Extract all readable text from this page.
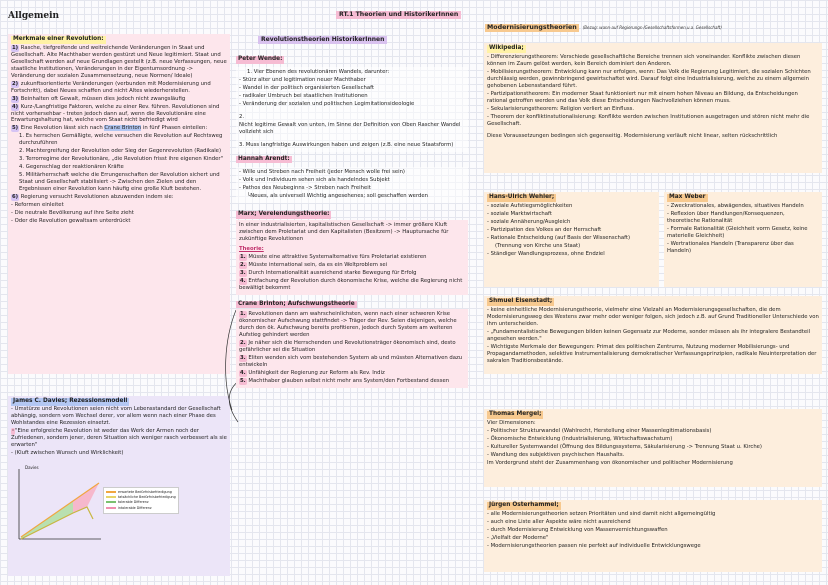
Allgemein	RT.1 Theorien und HistorikerInnen
Revolutionstheorien HistorikerInnen
Modernisierungstheorien	(Bezug: wann-auf Regierungs-/Gesellschaftsformen,u.a. Gesellschaft)
Merkmale einer Revolution:

1) Rasche, tiefgreifende und weitreichende Veränderungen in Staat und Gesellschaft. Alte Machthaber werden gestürzt und Neue legitimiert. Staat und Gesellschaft werden auf neue Grundlagen gestellt (z.B. neue Verfassungen, neue staatliche Institutionen, Veränderungen in der Eigentumsordnung -> Veränderung der sozialen Zusammensetzung, neue Normen/ Ideale)

2) zukunftsorientierte Veränderungen (verbunden mit Modernisierung und Fortschritt), dabei Neues schaffen und nicht Altes wiederherstellen.

3) Beinhalten oft Gewalt, müssen dies jedoch nicht zwangsläufig

4) Kurz-/Langfristige Faktoren, welche zu einer Rev. führen. Revolutionen sind nicht vorhersehbar - treten jedoch dann auf, wenn die Revolutionäre eine Erwartungshaltung hat, welche vom Staat nicht befriedigt wird

5) Eine Revolution lässt sich nach Crane Brinton in fünf Phasen einteilen:

1. Es herrschen Gemäßigte, welche versuchen die Revolution auf Rechtsweg durchzuführen

2. Machtergreifung der Revolution oder Sieg der Gegenrevolution (Radikale)

3. Terrorregime der Revolutionäre, „die Revolution frisst ihre eigenen Kinder"

4. Gegenschlag der reaktionären Kräfte

5. Militärherrschaft welche die Errungenschaften der Revolution sichert und Staat und Gesellschaft stabilisiert -> Zwischen den Zielen und den Ergebnissen einer Revolution kann häufig eine große Kluft bestehen.

6) Regierung versucht Revolutionen abzuwenden indem sie:

- Reformen einleitet

- Die neutrale Bevölkerung auf ihre Seite zieht

- Oder die Revolution gewaltsam unterdrückt

James C. Davies; Rezessionsmodell

- Umstürze und Revolutionen seien nicht vom Lebensstandard der Gesellschaft abhängig, sondern vom Wechsel derer, vor allem wenn nach einer Phase des Wohlstandes eine Rezession einsetzt.

·"Eine erfolgreiche Revolution ist weder das Werk der Armen noch der Zufriedenen, sondern jener, deren Situation sich weniger rasch verbessert als sie erwarten"

- (Kluft zwischen Wunsch und Wirklichkeit)

Davies
erwartete Bedürfnisbefriedigung
tatsächliche Bedürfnisbefriedigung
tolerable Differenz
intolerable Differenz
Peter Wende:

1. Vier Ebenen des revolutionären Wandels, darunter:

- Stürz alter und legitimation neuer Machthaber

- Wandel in der politisch organisierten Gesellschaft

- radikaler Umbruch bei staatlichen Institutionen

- Veränderung der sozialen und politischen Legimitationsideologie

2.

Nicht legitime Gewalt von unten, im Sinne der Definition von Oben Rascher Wandel vollzieht sich

3. Muss langfristige Auswirkungen haben und zeigen (z.B. eine neue Staatsform)

Hannah Arendt:

- Wille und Streben nach Freiheit (jeder Mensch wolle frei sein)

- Volk und Individuum sehen sich als handelndes Subjekt

- Pathos des Neubeginns -> Streben nach Freiheit

└Neues, als universell Wichtig angesehenes; soll geschaffen werden

Marx; Verelendungstheorie:

In einer industrialisierten, kapitalistischen Gesellschaft -> immer größere Kluft zwischen dem Proletariat und den Kapitalisten (Besitzern) -> Hauptursache für zukünftige Revolutionen

Theorie:

1. Müsste eine attraktive Systemalternative fürs Proletariat existieren

2. Müsste international sein, da es ein Weltproblem sei

3. Durch Internationalität ausreichend starke Bewegung für Erfolg

4. Entfachung der Revolution durch ökonomische Krise, welche die Regierung nicht bewältigt bekommt

Crane Brinton; Aufschwungstheorie

1. Revolutionen dann am wahrscheinlichsten, wenn nach einer schweren Krise ökonomischer Aufschwung stattfindet -> Träger der Rev. Seien diejenigen, welche durch den ök. Aufschwung bereits profitieren, jedoch durch System am weiteren Aufstieg gehindert werden

2. Je näher sich die Herrschenden und Revolutionsträger ökonomisch sind, desto gefährlicher sei die Situation

3. Eliten wenden sich vom bestehenden System ab und müssten Alternativen dazu entwickeln

4. Unfähigkeit der Regierung zur Reform als Rev. Indiz

5. Machthaber glauben selbst nicht mehr ans System/den Fortbestand dessen

Wikipedia;

- Differenzierungstheorem: Verschiede gesellschaftliche Bereiche trennen sich voneinander. Konflikte zwischen diesen können im Zaum gelöst werden, kein Bereich dominiert den Anderen.

- Mobilisierungstheorem: Entwicklung kann nur erfolgen, wenn: Das Volk die Regierung Legitimiert, die sozialen Schichten durchlässig werden, gewinnbringend gewirtschaftet wird. Darauf folgt eine Industrialisierung, welche zu einem allgemein gehobenen Lebensstandard führt.

- Partizipationstheorem: Ein moderner Staat funktioniert nur mit einem hohen Niveau an Bildung, da Entscheidungen rational getroffen werden und das Volk diese Entscheidungen Nachvollziehen können muss.

- Sekularisierungstheorem: Religion verliert an Einfluss.

- Theorem der konfliktinstutionalisierung: Konflikte werden zwischen Institutionen ausgetragen und stören nicht mehr die Gesellschaft.

Diese Voraussetzungen bedingen sich gegenseitig. Modernisierung verläuft nicht linear, selten rückschrittlich

Hans-Ulrich Wehler;

- soziale Aufstiegsmöglichkeiten

- soziale Marktwirtschaft

- soziale Annäherung/Ausgleich

- Partizipation des Volkes an der Herrschaft

- Rationale Entscheidung (auf Basis der Wissenschaft)

(Trennung von Kirche uns Staat)

- Ständiger Wandlungsprozess, ohne Endziel

Max Weber

- Zweckrationales, abwägendes, situatives Handeln

- Reflexion über Handlungen/Konsequenzen, theoretische Rationalität

- Formale Rationalität (Gleichheit vorm Gesetz, keine materielle Gleichheit)

- Wertrationales Handeln (Transparenz über das Handeln)

Shmuel Eisenstadt;

- keine einheitliche Modernisierungstheorie, vielmehr eine Vielzahl an Modernisierungsgesellschaften, die dem Modernisierungsweg des Westens zwar mehr oder weniger folgen, sich jedoch z.B. auf Grund Traditioneller Unterschiede von ihm unterscheiden.

- „Fundamentalistische Bewegungen bilden keinen Gegensatz zur Moderne, sonder müssen als ihr integralere Bestandteil angesehen werden."

- Wichtigste Merkmale der Bewegungen: Primat des politischen Zentrums, Nutzung moderner Mobilisierungs- und Propagandamethoden, selektive Instrumentalisierung demokratischer Verfassungsprinzipien, radikale Neuinterpretation der sakralen Traditionsbestände.

Thomas Mergel;

Vier Dimensionen:

- Politischer Strukturwandel (Wahlrecht, Herstellung einer Massenlegitimationsbasis)

- Ökonomische Entwicklung (Industrialisierung, Wirtschaftswachstum)

- Kultureller Systemwandel (Öffnung des Bildungssystems, Säkularisierung -> Trennung Staat u. Kirche)

- Wandlung des subjektiven psychischen Haushalts.

Im Vordergrund steht der Zusammenhang von ökonomischer und politischer Modernisierung

Jürgen Osterhammel;

- alle Modernisierungstheorien setzen Prioritäten und sind damit nicht allgemeingültig

- auch eine Liste aller Aspekte wäre nicht ausreichend

- durch Modernisierung Entwicklung von Massenvernichtungswaffen

- „Vielfalt der Moderne"

- Modernisierungstheorien passen nie perfekt auf individuelle Entwicklungswege
